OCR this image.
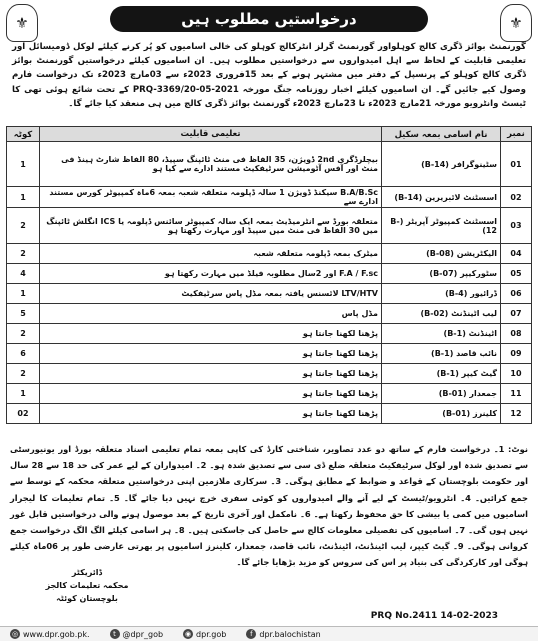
⚜	⚜
درخواستیں مطلوب ہیں
گورنمنٹ بوائز ڈگری کالج کوہلواور گورنمنٹ گرلز انٹرکالج کوہلو کی خالی اسامیوں کو پُر کرنے کیلئے لوکل ڈومیسائل اور تعلیمی قابلیت کے لحاظ سے اہل امیدواروں سے درخواستیں مطلوب ہیں۔ ان اسامیوں کیلئے درخواستیں گورنمنٹ بوائز ڈگری کالج کوہلو کے پرنسپل کے دفتر میں مشتہر ہونے کے بعد 15فروری 2023ء سے 03مارچ 2023ء تک درخواست فارم وصول کیے جائیں گے۔ ان اسامیوں کیلئے اخبار روزنامہ جنگ مورخہ PRQ-3369/20-05-2021 کے تحت شائع ہوئی تھی کا ٹیسٹ وانٹرویو مورخہ 21مارچ 2023ء تا 23مارچ 2023ء گورنمنٹ بوائز ڈگری کالج میں ہی منعقد کیا جائے گا۔
نمبر	نام اسامی بمعہ سکیل	تعلیمی قابلیت	کوٹہ
01	سٹینوگرافر (B-14)	بیچلرڈگری 2nd ڈویژن، 35 الفاظ فی منٹ ٹائپنگ سپیڈ، 80 الفاظ شارٹ ہینڈ فی منٹ اور آفس آٹومیشن سرٹیفکیٹ مستند ادارے سے کیا ہو	1
02	اسسٹنٹ لائبریرین (B-14)	B.A/B.Sc سیکنڈ ڈویژن 1 سالہ ڈپلومہ متعلقہ شعبہ بمعہ 6ماہ کمپیوٹر کورس مستند ادارے سے	1
03	اسسٹنٹ کمپیوٹر آپریٹر (B-12)	متعلقہ بورڈ سے انٹرمیڈیٹ بمعہ ایک سالہ کمپیوٹر سائنس ڈپلومہ یا ICS انگلش ٹائپنگ میں 30 الفاظ فی منٹ میں سپیڈ اور مہارت رکھتا ہو	2
04	الیکٹریشن (B-08)	میٹرک بمعہ ڈپلومہ متعلقہ شعبہ	2
05	سٹورکیپر (B-07)	F.A / F.sc اور 2سال مطلوبہ فیلڈ میں مہارت رکھتا ہو	4
06	ڈرائیور (B-4)	LTV/HTV لائسنس یافتہ بمعہ مڈل پاس سرٹیفکیٹ	1
07	لیب اٹینڈنٹ (B-02)	مڈل پاس	5
08	اٹینڈنٹ (B-1)	پڑھنا لکھنا جانتا ہو	2
09	نائب قاصد (B-1)	پڑھنا لکھنا جانتا ہو	6
10	گیٹ کیپر (B-1)	پڑھنا لکھنا جانتا ہو	2
11	جمعدار (B-01)	پڑھنا لکھنا جانتا ہو	1
12	کلینرز (B-01)	پڑھنا لکھنا جانتا ہو	02
نوٹ: 1۔ درخواست فارم کے ساتھ دو عدد تصاویر، شناختی کارڈ کی کاپی بمعہ تمام تعلیمی اسناد متعلقہ بورڈ اور یونیورسٹی سے تصدیق شدہ اور لوکل سرٹیفکیٹ متعلقہ ضلع ڈی سی سے تصدیق شدہ ہو۔ 2۔ امیدواران کے لیے عمر کی حد 18 سے 28 سال اور حکومت بلوچستان کے قواعد و ضوابط کے مطابق ہوگی۔ 3۔ سرکاری ملازمین اپنی درخواستیں متعلقہ محکمہ کے توسط سے جمع کرائیں۔ 4۔ انٹرویو/ٹیسٹ کے لیے آنے والے امیدواروں کو کوئی سفری خرچ نہیں دیا جائے گا۔ 5۔ تمام تعلیمات کا لیجرار اسامیوں میں کمی یا بیشی کا حق محفوظ رکھتا ہے۔ 6۔ نامکمل اور آخری تاریخ کے بعد موصول ہونے والی درخواستیں قابل غور نہیں ہوں گی۔ 7۔ اسامیوں کی تفصیلی معلومات کالج سے حاصل کی جاسکتی ہیں۔ 8۔ ہر اسامی کیلئے الگ الگ درخواست جمع کروانی ہوگی۔ 9۔ گیٹ کیپر، لیب اٹینڈنٹ، اٹینڈنٹ، نائب قاصد، جمعدار، کلینرز اسامیوں پر بھرتی عارضی طور پر 06ماہ کیلئے ہوگی اور کارکردگی کی بنیاد پر اس کی سروس کو مزید بڑھایا جائے گا۔
ڈائریکٹر
محکمہ تعلیمات کالجز بلوچستان کوئٹہ
PRQ No.2411 14-02-2023
◎ www.dpr.gob.pk.	t @dpr_gob	◉ dpr.gob	f dpr.balochistan
